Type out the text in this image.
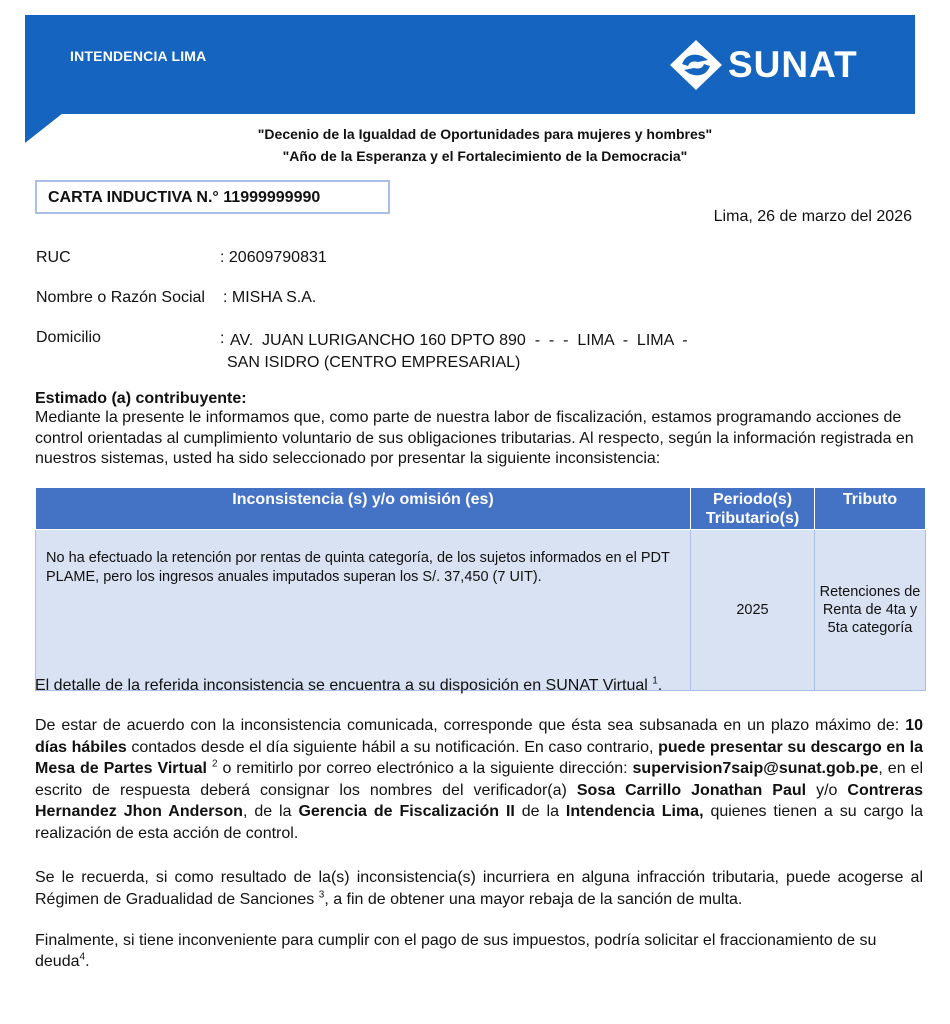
INTENDENCIA LIMA	SUNAT
"Decenio de la Igualdad de Oportunidades para mujeres y hombres"
"Año de la Esperanza y el Fortalecimiento de la Democracia"
CARTA INDUCTIVA N.° 11999999990
Lima, 26 de marzo del 2026
RUC	: 20609790831
Nombre o Razón Social : MISHA S.A.
Domicilio	: AV.  JUAN LURIGANCHO 160 DPTO 890  -  -  -  LIMA  -  LIMA  -
SAN ISIDRO (CENTRO EMPRESARIAL)
Estimado (a) contribuyente:
Mediante la presente le informamos que, como parte de nuestra labor de fiscalización, estamos programando acciones de control orientadas al cumplimiento voluntario de sus obligaciones tributarias. Al respecto, según la información registrada en nuestros sistemas, usted ha sido seleccionado por presentar la siguiente inconsistencia:
Inconsistencia (s) y/o omisión (es)	Periodo(s) Tributario(s)	Tributo
No ha efectuado la retención por rentas de quinta categoría, de los sujetos informados en el PDT PLAME, pero los ingresos anuales imputados superan los S/. 37,450 (7 UIT).	2025	Retenciones de Renta de 4ta y 5ta categoría
El detalle de la referida inconsistencia se encuentra a su disposición en SUNAT Virtual $^1$.
De estar de acuerdo con la inconsistencia comunicada, corresponde que ésta sea subsanada en un plazo máximo de: 10 días hábiles contados desde el día siguiente hábil a su notificación. En caso contrario, puede presentar su descargo en la Mesa de Partes Virtual $^2$ o remitirlo por correo electrónico a la siguiente dirección: supervision7saip@sunat.gob.pe, en el escrito de respuesta deberá consignar los nombres del verificador(a) Sosa Carrillo Jonathan Paul y/o Contreras Hernandez Jhon Anderson, de la Gerencia de Fiscalización II de la Intendencia Lima, quienes tienen a su cargo la realización de esta acción de control.
Se le recuerda, si como resultado de la(s) inconsistencia(s) incurriera en alguna infracción tributaria, puede acogerse al Régimen de Gradualidad de Sanciones $^3$, a fin de obtener una mayor rebaja de la sanción de multa.
Finalmente, si tiene inconveniente para cumplir con el pago de sus impuestos, podría solicitar el fraccionamiento de su deuda$^4$.
